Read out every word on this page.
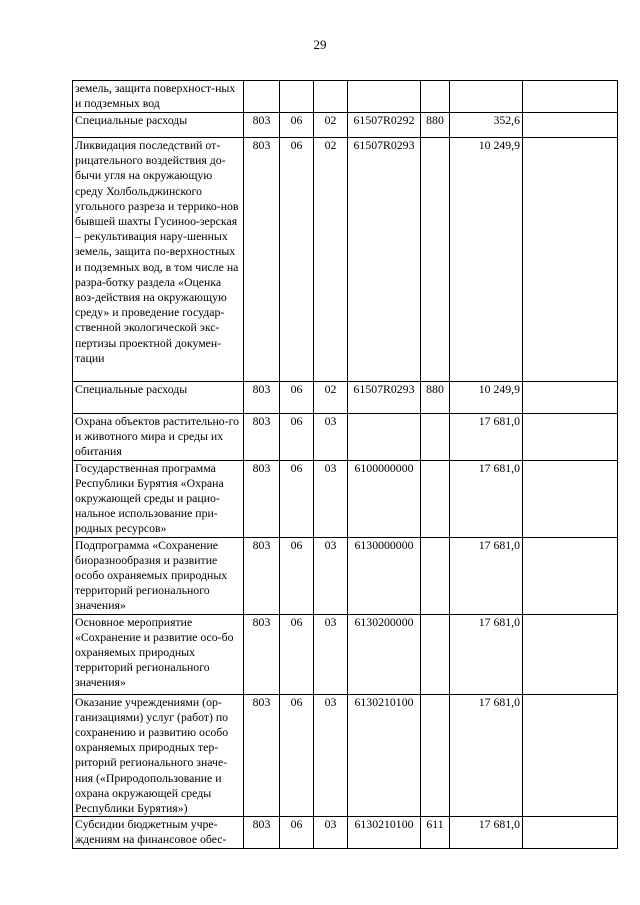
29
земель, защита поверхност-ных и подземных вод							
Специальные расходы	803	06	02	61507R0292	880	352,6	
Ликвидация последствий от-рицательного воздействия до-бычи угля на окружающую среду Холбольджинского угольного разреза и террико-нов бывшей шахты Гусиноо-зерская – рекультивация нару-шенных земель, защита по-верхностных и подземных вод, в том числе на разра-ботку раздела «Оценка воз-действия на окружающую среду» и проведение государ-ственной экологической экс-пертизы проектной докумен-тации	803	06	02	61507R0293		10 249,9	
Специальные расходы	803	06	02	61507R0293	880	10 249,9	
Охрана объектов растительно-го и животного мира и среды их обитания	803	06	03			17 681,0	
Государственная программа Республики Бурятия «Охрана окружающей среды и рацио-нальное использование при-родных ресурсов»	803	06	03	6100000000		17 681,0	
Подпрограмма «Сохранение биоразнообразия и развитие особо охраняемых природных территорий регионального значения»	803	06	03	6130000000		17 681,0	
Основное мероприятие «Сохранение и развитие осо-бо охраняемых природных территорий регионального значения»	803	06	03	6130200000		17 681,0	
Оказание учреждениями (ор-ганизациями) услуг (работ) по сохранению и развитию особо охраняемых природных тер-риторий регионального значе-ния («Природопользование и охрана окружающей среды Республики Бурятия»)	803	06	03	6130210100		17 681,0	
Субсидии бюджетным учре-ждениям на финансовое обес-	803	06	03	6130210100	611	17 681,0	
